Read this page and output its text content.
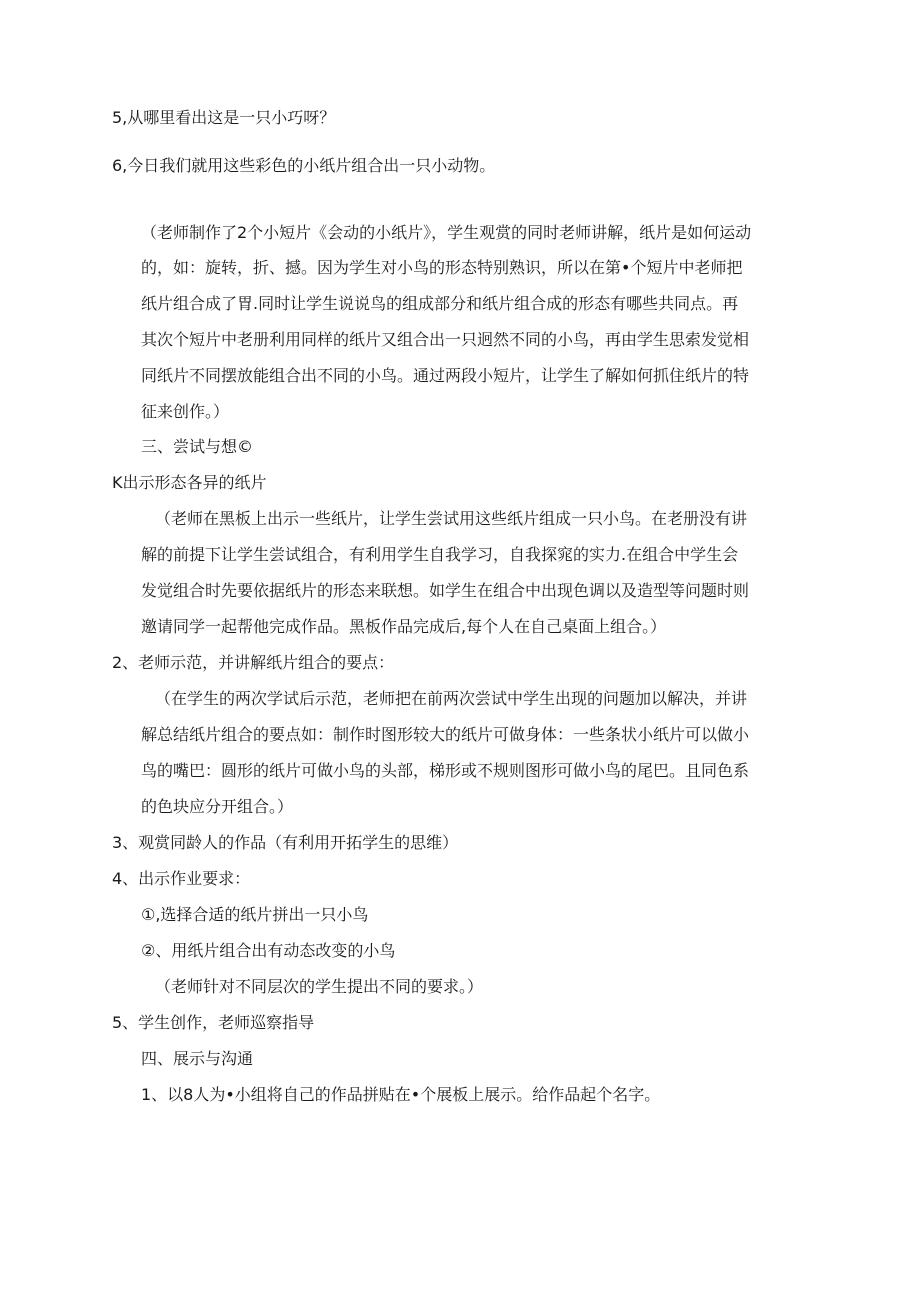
5,从哪里看出这是一只小巧呀？
6,今日我们就用这些彩色的小纸片组合出一只小动物。
（老师制作了2个小短片《会动的小纸片》，学生观赏的同时老师讲解，纸片是如何运动
的，如：旋转，折、撼。因为学生对小鸟的形态特别熟识，所以在第•个短片中老师把
纸片组合成了胃.同时让学生说说鸟的组成部分和纸片组合成的形态有哪些共同点。再
其次个短片中老册利用同样的纸片又组合出一只迥然不同的小鸟，再由学生思索发觉相
同纸片不同摆放能组合出不同的小鸟。通过两段小短片，让学生了解如何抓住纸片的特
征来创作。）
三、尝试与想©
K出示形态各异的纸片
（老师在黑板上出示一些纸片，让学生尝试用这些纸片组成一只小鸟。在老册没有讲
解的前提下让学生尝试组合，有利用学生自我学习，自我探窕的实力.在组合中学生会
发觉组合时先要依据纸片的形态来联想。如学生在组合中出现色调以及造型等问题时则
邀请同学一起帮他完成作品。黑板作品完成后,每个人在自己桌面上组合。）
2、老师示范，并讲解纸片组合的要点：
（在学生的两次学试后示范，老师把在前两次尝试中学生出现的问题加以解决，并讲
解总结纸片组合的要点如：制作时图形较大的纸片可做身体：一些条状小纸片可以做小
鸟的嘴巴：圆形的纸片可做小鸟的头部，梯形或不规则图形可做小鸟的尾巴。且同色系
的色块应分开组合。）
3、观赏同龄人的作品（有利用开拓学生的思维）
4、出示作业要求：
①,选择合适的纸片拼出一只小鸟
②、用纸片组合出有动态改变的小鸟
（老师针对不同层次的学生提出不同的要求。）
5、学生创作，老师巡察指导
四、展示与沟通
1、以8人为•小组将自己的作品拼贴在•个展板上展示。给作品起个名字。
